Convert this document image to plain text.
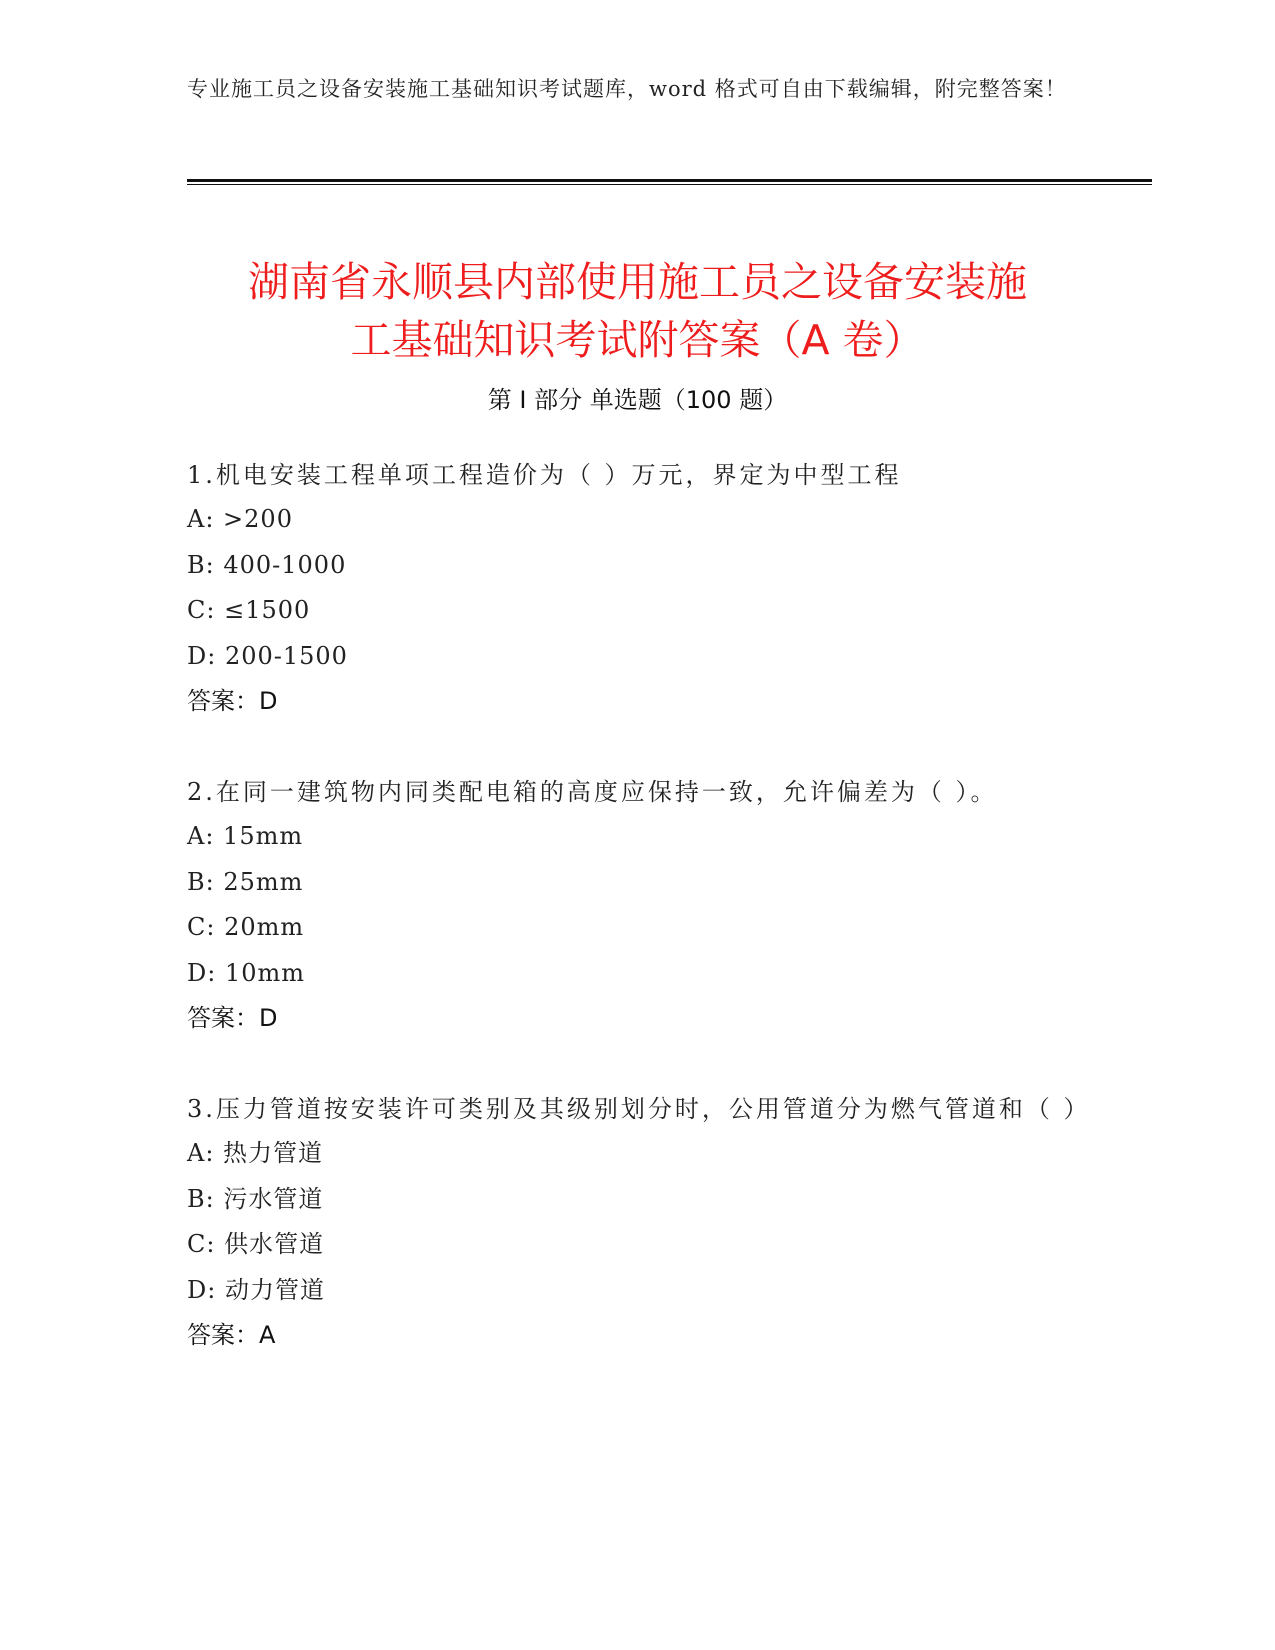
专业施工员之设备安装施工基础知识考试题库，word 格式可自由下载编辑，附完整答案！
湖南省永顺县内部使用施工员之设备安装施
工基础知识考试附答案（A 卷）
第 I 部分 单选题（100 题）

1.机电安装工程单项工程造价为（ ）万元，界定为中型工程

A: >200

B: 400-1000

C: ≤1500

D: 200-1500

答案：D

2.在同一建筑物内同类配电箱的高度应保持一致，允许偏差为（ ）。

A: 15mm

B: 25mm

C: 20mm

D: 10mm

答案：D

3.压力管道按安装许可类别及其级别划分时，公用管道分为燃气管道和（ ）

A: 热力管道

B: 污水管道

C: 供水管道

D: 动力管道

答案：A
